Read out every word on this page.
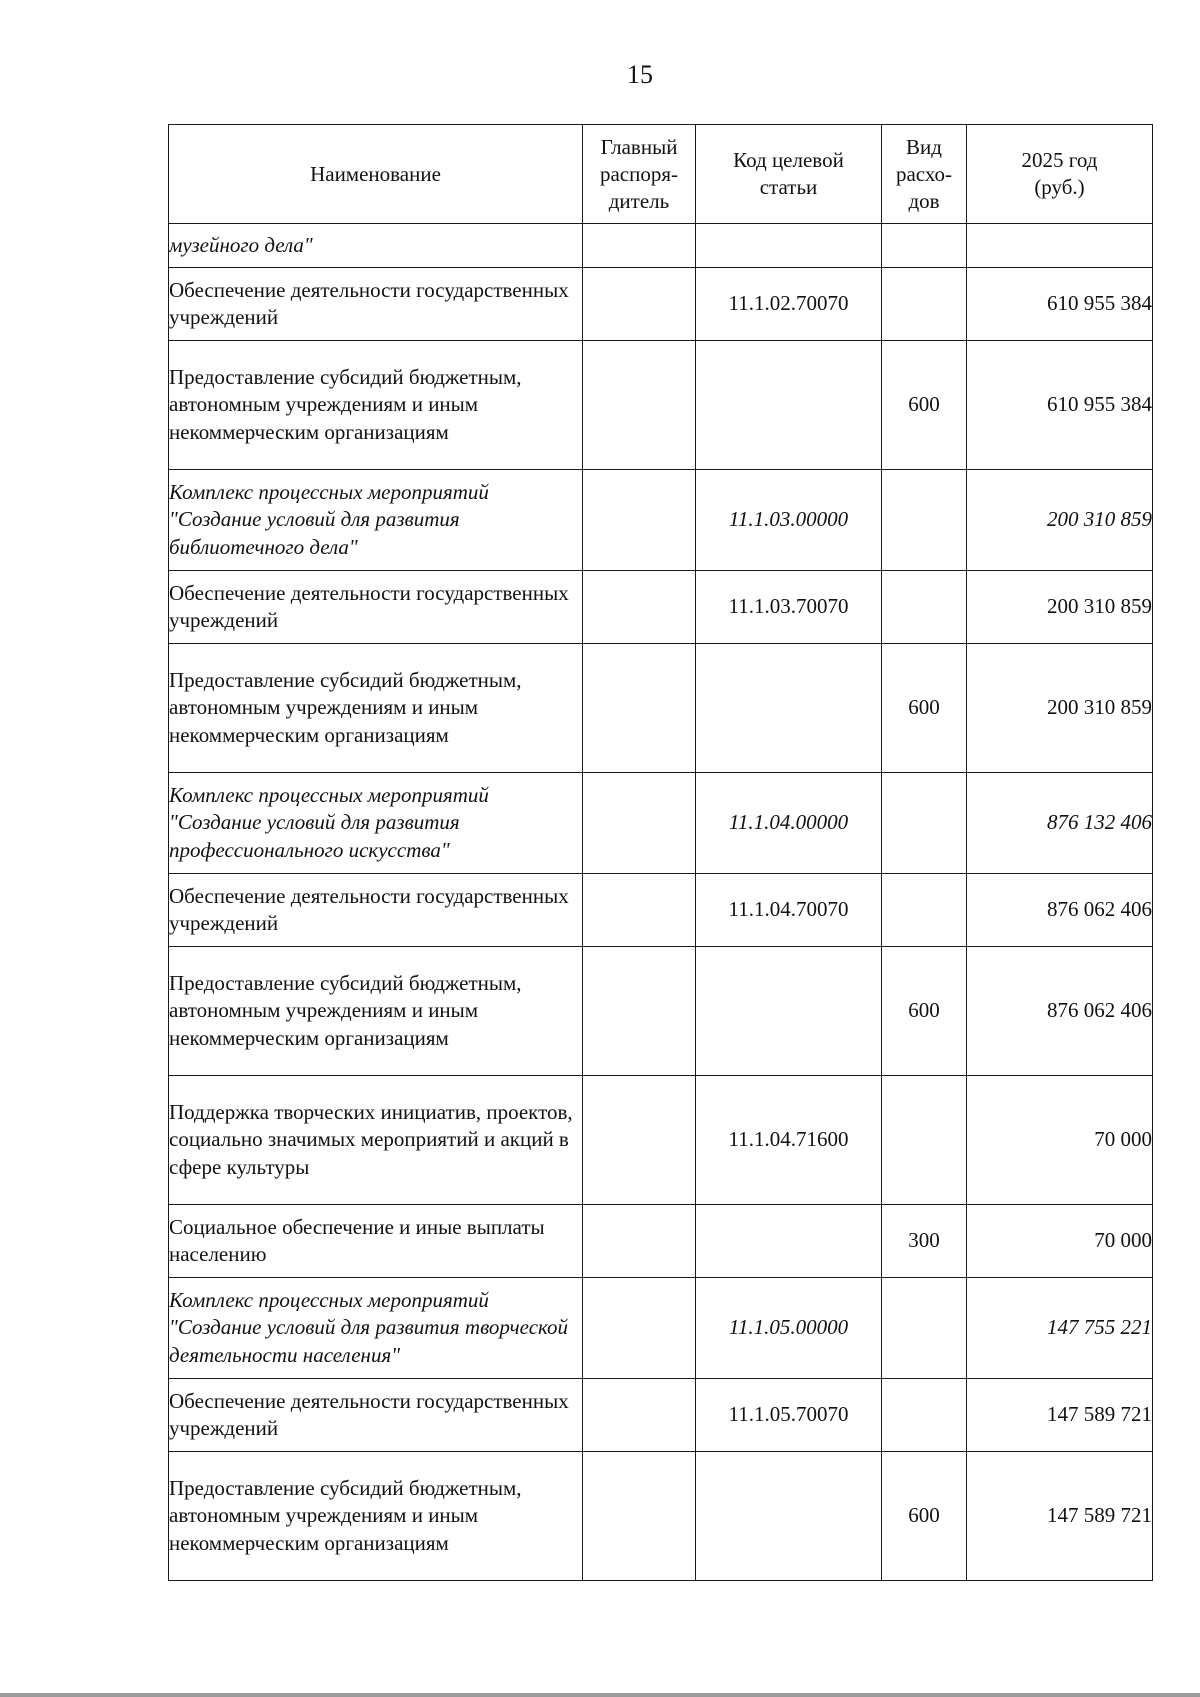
15
Наименование	Главный распоря-дитель	Код целевой статьи	Вид расхо-дов	2025 год (руб.)

музейного дела"				
Обеспечение деятельности государственных учреждений		11.1.02.70070		610 955 384
Предоставление субсидий бюджетным, автономным учреждениям и иным некоммерческим организациям			600	610 955 384
Комплекс процессных мероприятий "Создание условий для развития библиотечного дела"		11.1.03.00000		200 310 859
Обеспечение деятельности государственных учреждений		11.1.03.70070		200 310 859
Предоставление субсидий бюджетным, автономным учреждениям и иным некоммерческим организациям			600	200 310 859
Комплекс процессных мероприятий "Создание условий для развития профессионального искусства"		11.1.04.00000		876 132 406
Обеспечение деятельности государственных учреждений		11.1.04.70070		876 062 406
Предоставление субсидий бюджетным, автономным учреждениям и иным некоммерческим организациям			600	876 062 406
Поддержка творческих инициатив, проектов, социально значимых мероприятий и акций в сфере культуры		11.1.04.71600		70 000
Социальное обеспечение и иные выплаты населению			300	70 000
Комплекс процессных мероприятий "Создание условий для развития творческой деятельности населения"		11.1.05.00000		147 755 221
Обеспечение деятельности государственных учреждений		11.1.05.70070		147 589 721
Предоставление субсидий бюджетным, автономным учреждениям и иным некоммерческим организациям			600	147 589 721
